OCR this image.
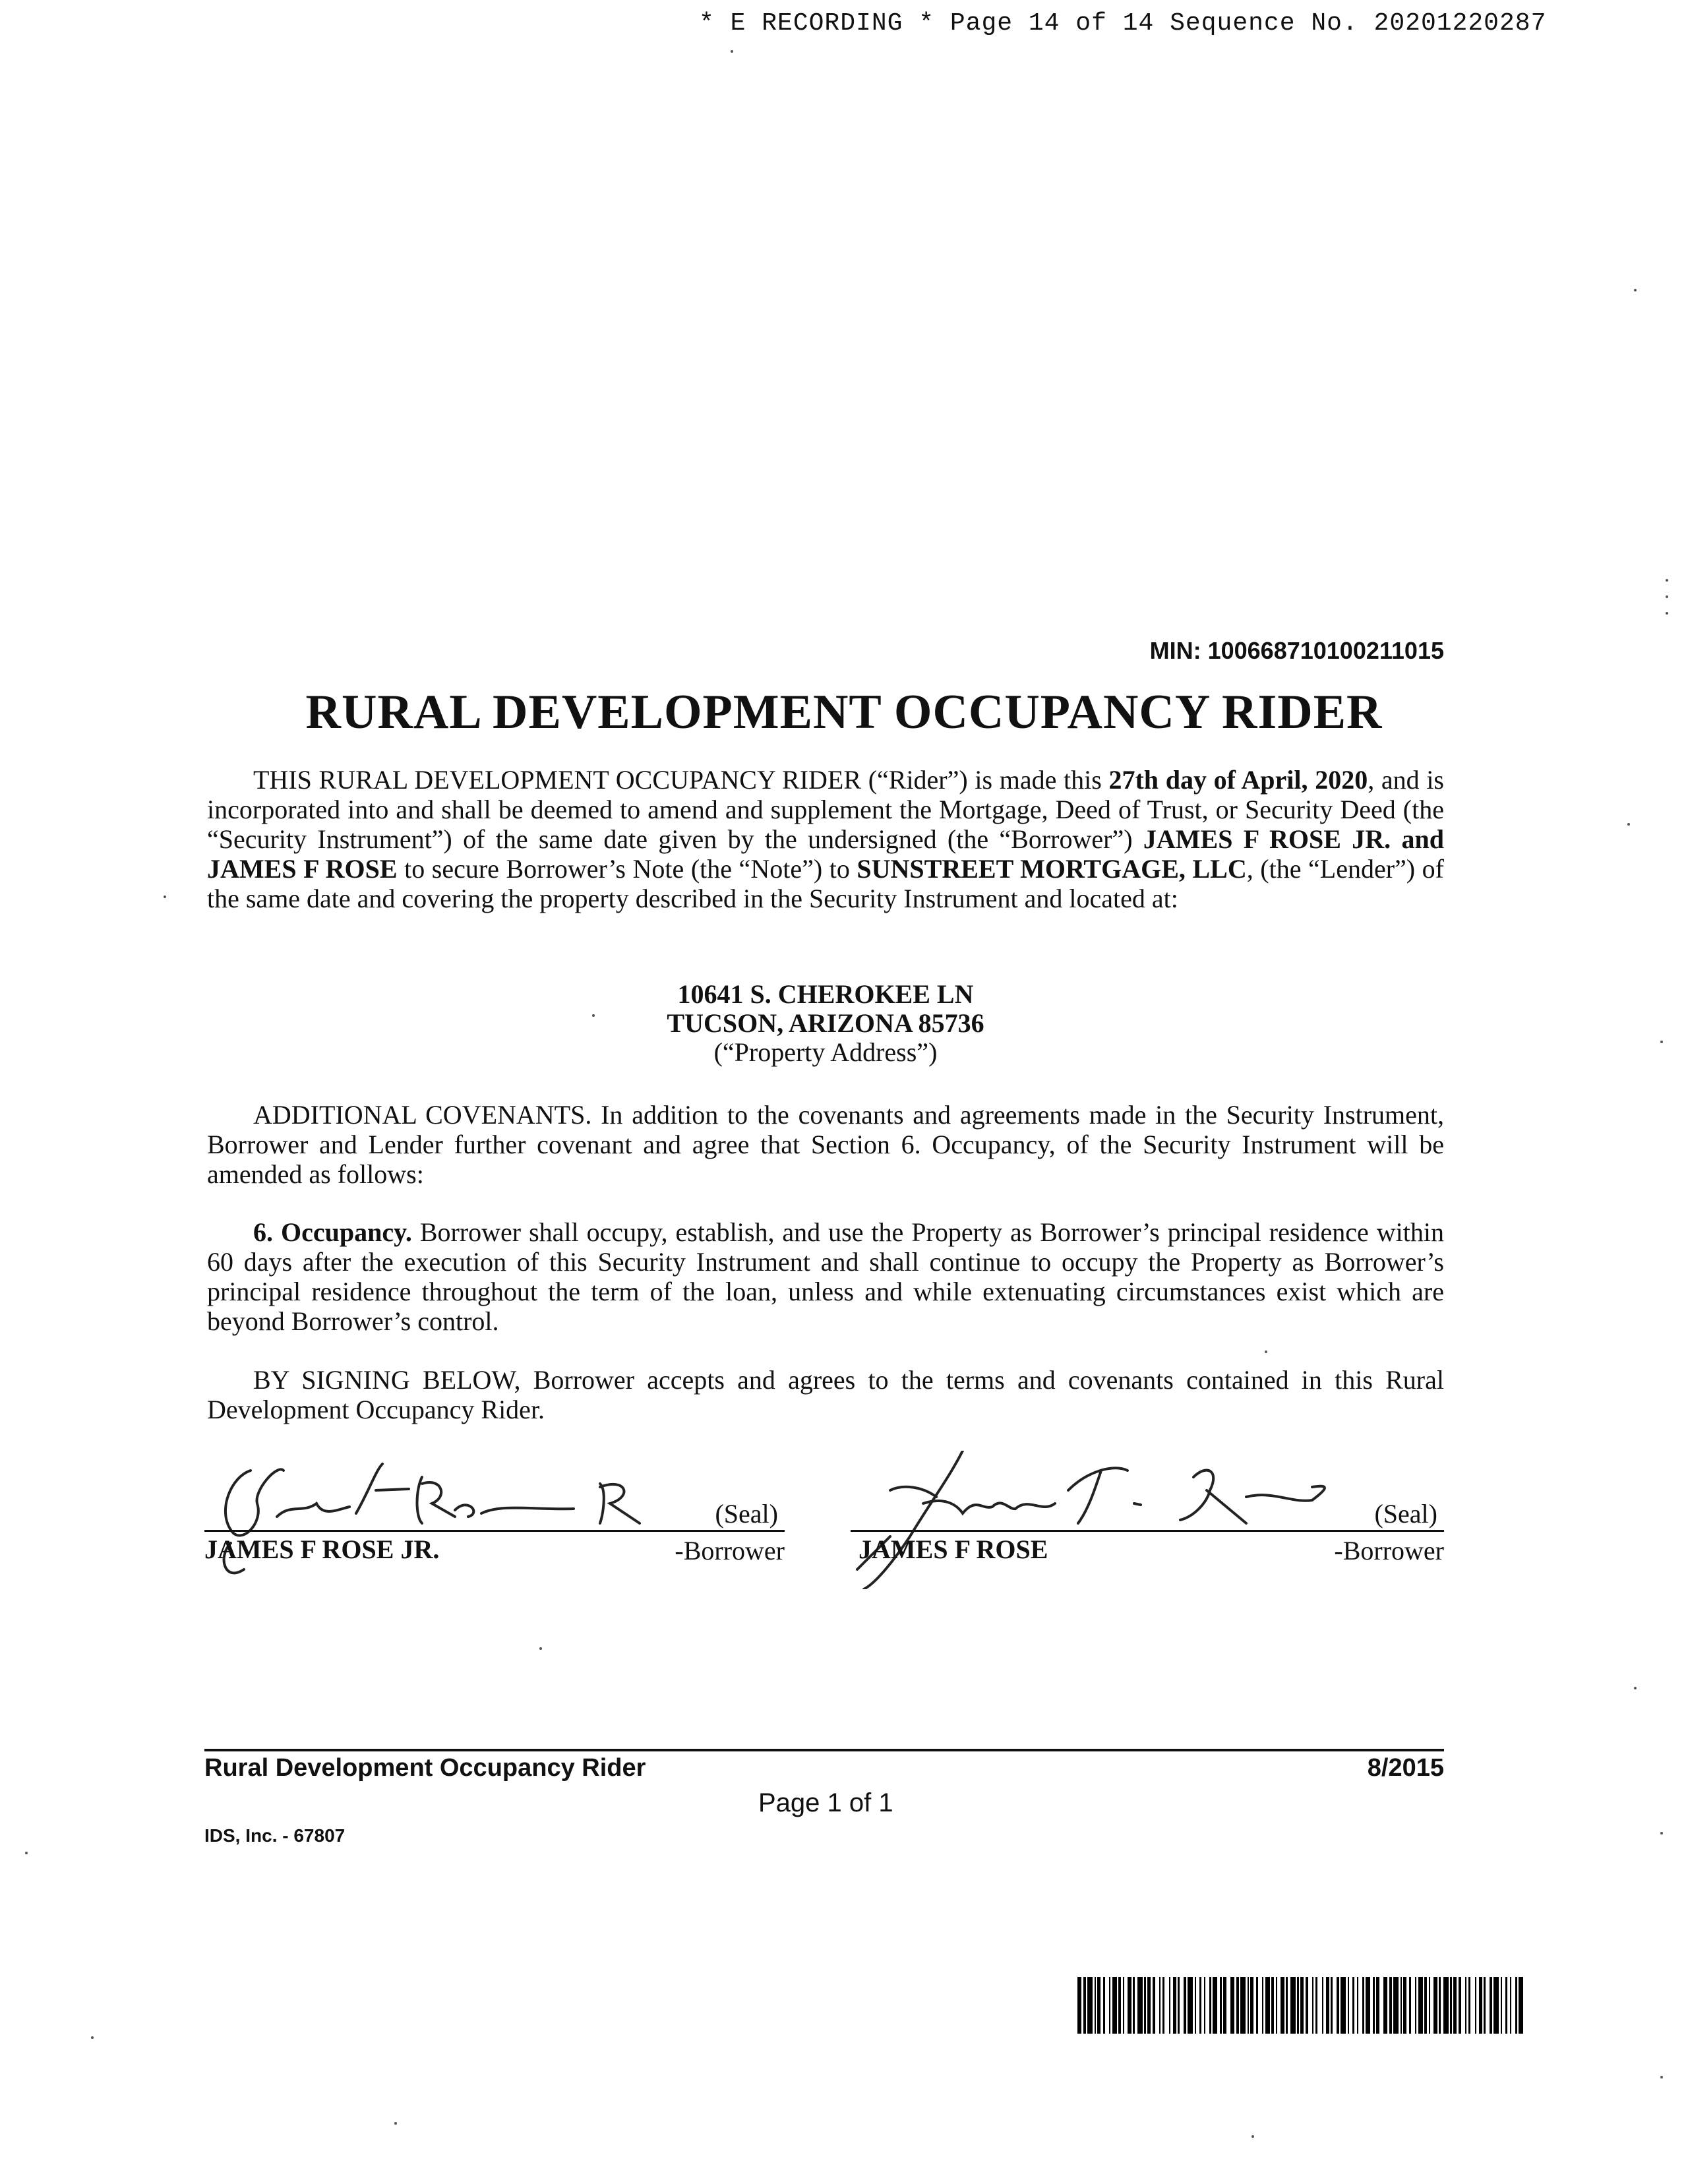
* E RECORDING * Page 14 of 14 Sequence No. 20201220287
MIN: 100668710100211015
RURAL DEVELOPMENT OCCUPANCY RIDER

THIS RURAL DEVELOPMENT OCCUPANCY RIDER (“Rider”) is made this 27th day of April, 2020, and is incorporated into and shall be deemed to amend and supplement the Mortgage, Deed of Trust, or Security Deed (the “Security Instrument”) of the same date given by the undersigned (the “Borrower”) JAMES F ROSE JR. and JAMES F ROSE to secure Borrower’s Note (the “Note”) to SUNSTREET MORTGAGE, LLC, (the “Lender”) of the same date and covering the property described in the Security Instrument and located at:

10641 S. CHEROKEE LN
TUCSON, ARIZONA 85736
(“Property Address”)

ADDITIONAL COVENANTS. In addition to the covenants and agreements made in the Security Instrument, Borrower and Lender further covenant and agree that Section 6. Occupancy, of the Security Instrument will be amended as follows:

6. Occupancy. Borrower shall occupy, establish, and use the Property as Borrower’s principal residence within 60 days after the execution of this Security Instrument and shall continue to occupy the Property as Borrower’s principal residence throughout the term of the loan, unless and while extenuating circumstances exist which are beyond Borrower’s control.

BY SIGNING BELOW, Borrower accepts and agrees to the terms and covenants contained in this Rural Development Occupancy Rider.

(Seal)
JAMES F ROSE JR.	-Borrower
(Seal)
JAMES F ROSE	-Borrower
Rural Development Occupancy Rider	8/2015
Page 1 of 1
IDS, Inc. - 67807
